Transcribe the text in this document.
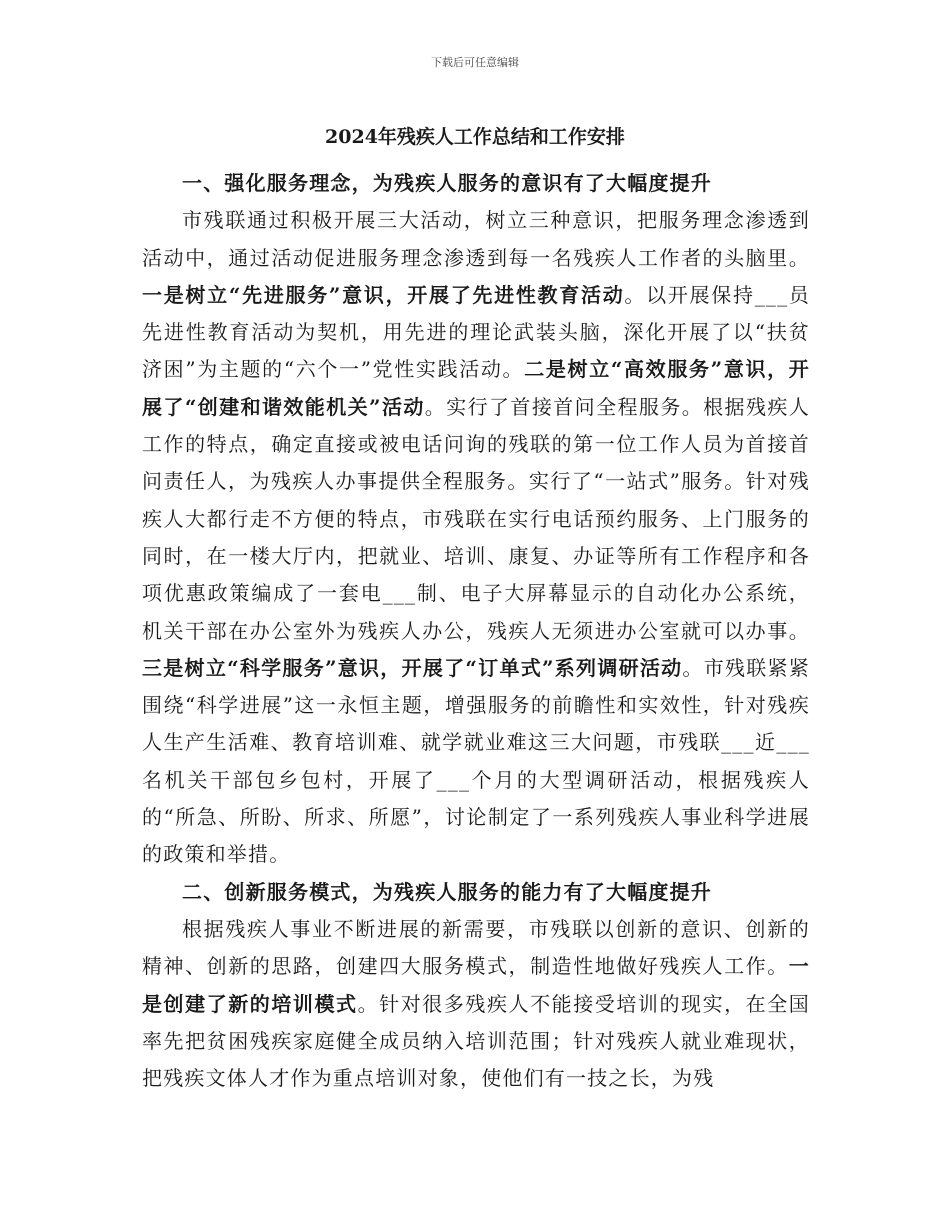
下载后可任意编辑
2024年残疾人工作总结和工作安排

一、强化服务理念，为残疾人服务的意识有了大幅度提升

市残联通过积极开展三大活动，树立三种意识，把服务理念渗透到活动中，通过活动促进服务理念渗透到每一名残疾人工作者的头脑里。一是树立“先进服务”意识，开展了先进性教育活动。以开展保持___员先进性教育活动为契机，用先进的理论武装头脑，深化开展了以“扶贫济困”为主题的“六个一”党性实践活动。二是树立“高效服务”意识，开展了“创建和谐效能机关”活动。实行了首接首问全程服务。根据残疾人工作的特点，确定直接或被电话问询的残联的第一位工作人员为首接首问责任人，为残疾人办事提供全程服务。实行了“一站式”服务。针对残疾人大都行走不方便的特点，市残联在实行电话预约服务、上门服务的同时，在一楼大厅内，把就业、培训、康复、办证等所有工作程序和各项优惠政策编成了一套电___制、电子大屏幕显示的自动化办公系统，机关干部在办公室外为残疾人办公，残疾人无须进办公室就可以办事。三是树立“科学服务”意识，开展了“订单式”系列调研活动。市残联紧紧围绕“科学进展”这一永恒主题，增强服务的前瞻性和实效性，针对残疾人生产生活难、教育培训难、就学就业难这三大问题，市残联___近___名机关干部包乡包村，开展了___个月的大型调研活动，根据残疾人的“所急、所盼、所求、所愿”，讨论制定了一系列残疾人事业科学进展的政策和举措。

二、创新服务模式，为残疾人服务的能力有了大幅度提升

根据残疾人事业不断进展的新需要，市残联以创新的意识、创新的精神、创新的思路，创建四大服务模式，制造性地做好残疾人工作。一是创建了新的培训模式。针对很多残疾人不能接受培训的现实，在全国率先把贫困残疾家庭健全成员纳入培训范围；针对残疾人就业难现状，把残疾文体人才作为重点培训对象，使他们有一技之长，为残
